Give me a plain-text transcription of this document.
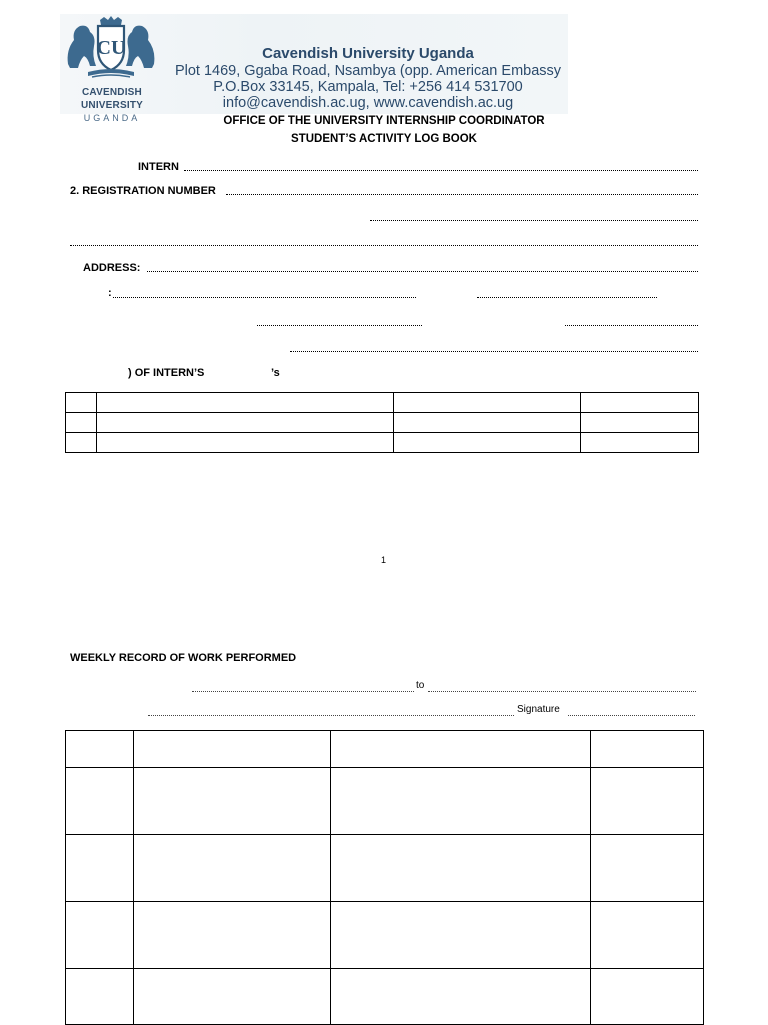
CU
CAVENDISH
UNIVERSITY
UGANDA
Cavendish University Uganda
Plot 1469, Ggaba Road, Nsambya (opp. American Embassy
P.O.Box 33145, Kampala, Tel: +256 414 531700
info@cavendish.ac.ug, www.cavendish.ac.ug
OFFICE OF THE UNIVERSITY INTERNSHIP COORDINATOR
STUDENT’S ACTIVITY LOG BOOK
INTERN
2. REGISTRATION NUMBER
ADDRESS:
:
) OF INTERN’S	’s

1
WEEKLY RECORD OF WORK PERFORMED
to
Signature
